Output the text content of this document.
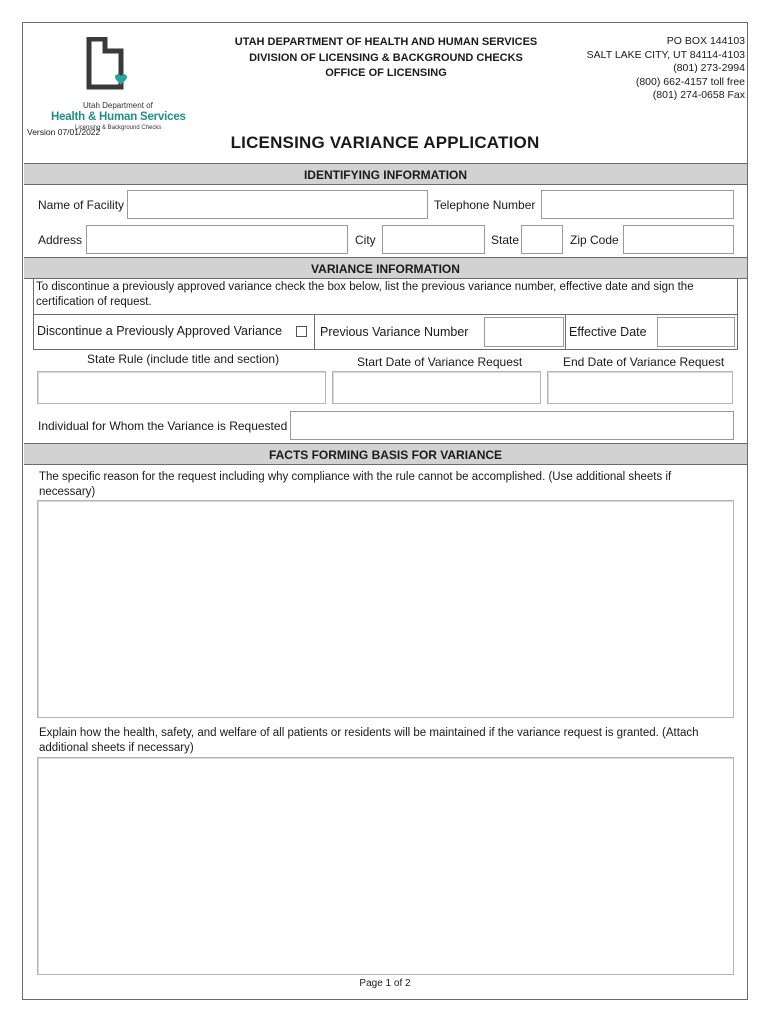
Utah Department of
Health & Human Services
Licensing & Background Checks
UTAH DEPARTMENT OF HEALTH AND HUMAN SERVICES
DIVISION OF LICENSING & BACKGROUND CHECKS
OFFICE OF LICENSING
PO BOX 144103
SALT LAKE CITY, UT 84114-4103
(801) 273-2994
(800) 662-4157 toll free
(801) 274-0658 Fax
Version 07/01/2022
LICENSING VARIANCE APPLICATION
IDENTIFYING INFORMATION
Name of Facility	Telephone Number
Address	City	State	Zip Code
VARIANCE INFORMATION
To discontinue a previously approved variance check the box below, list the previous variance number, effective date and sign the certification of request.
Discontinue a Previously Approved Variance	Previous Variance Number	Effective Date
State Rule (include title and section)	Start Date of Variance Request	End Date of Variance Request
Individual for Whom the Variance is Requested
FACTS FORMING BASIS FOR VARIANCE
The specific reason for the request including why compliance with the rule cannot be accomplished. (Use additional sheets if necessary)
Explain how the health, safety, and welfare of all patients or residents will be maintained if the variance request is granted. (Attach additional sheets if necessary)
Page 1 of 2
